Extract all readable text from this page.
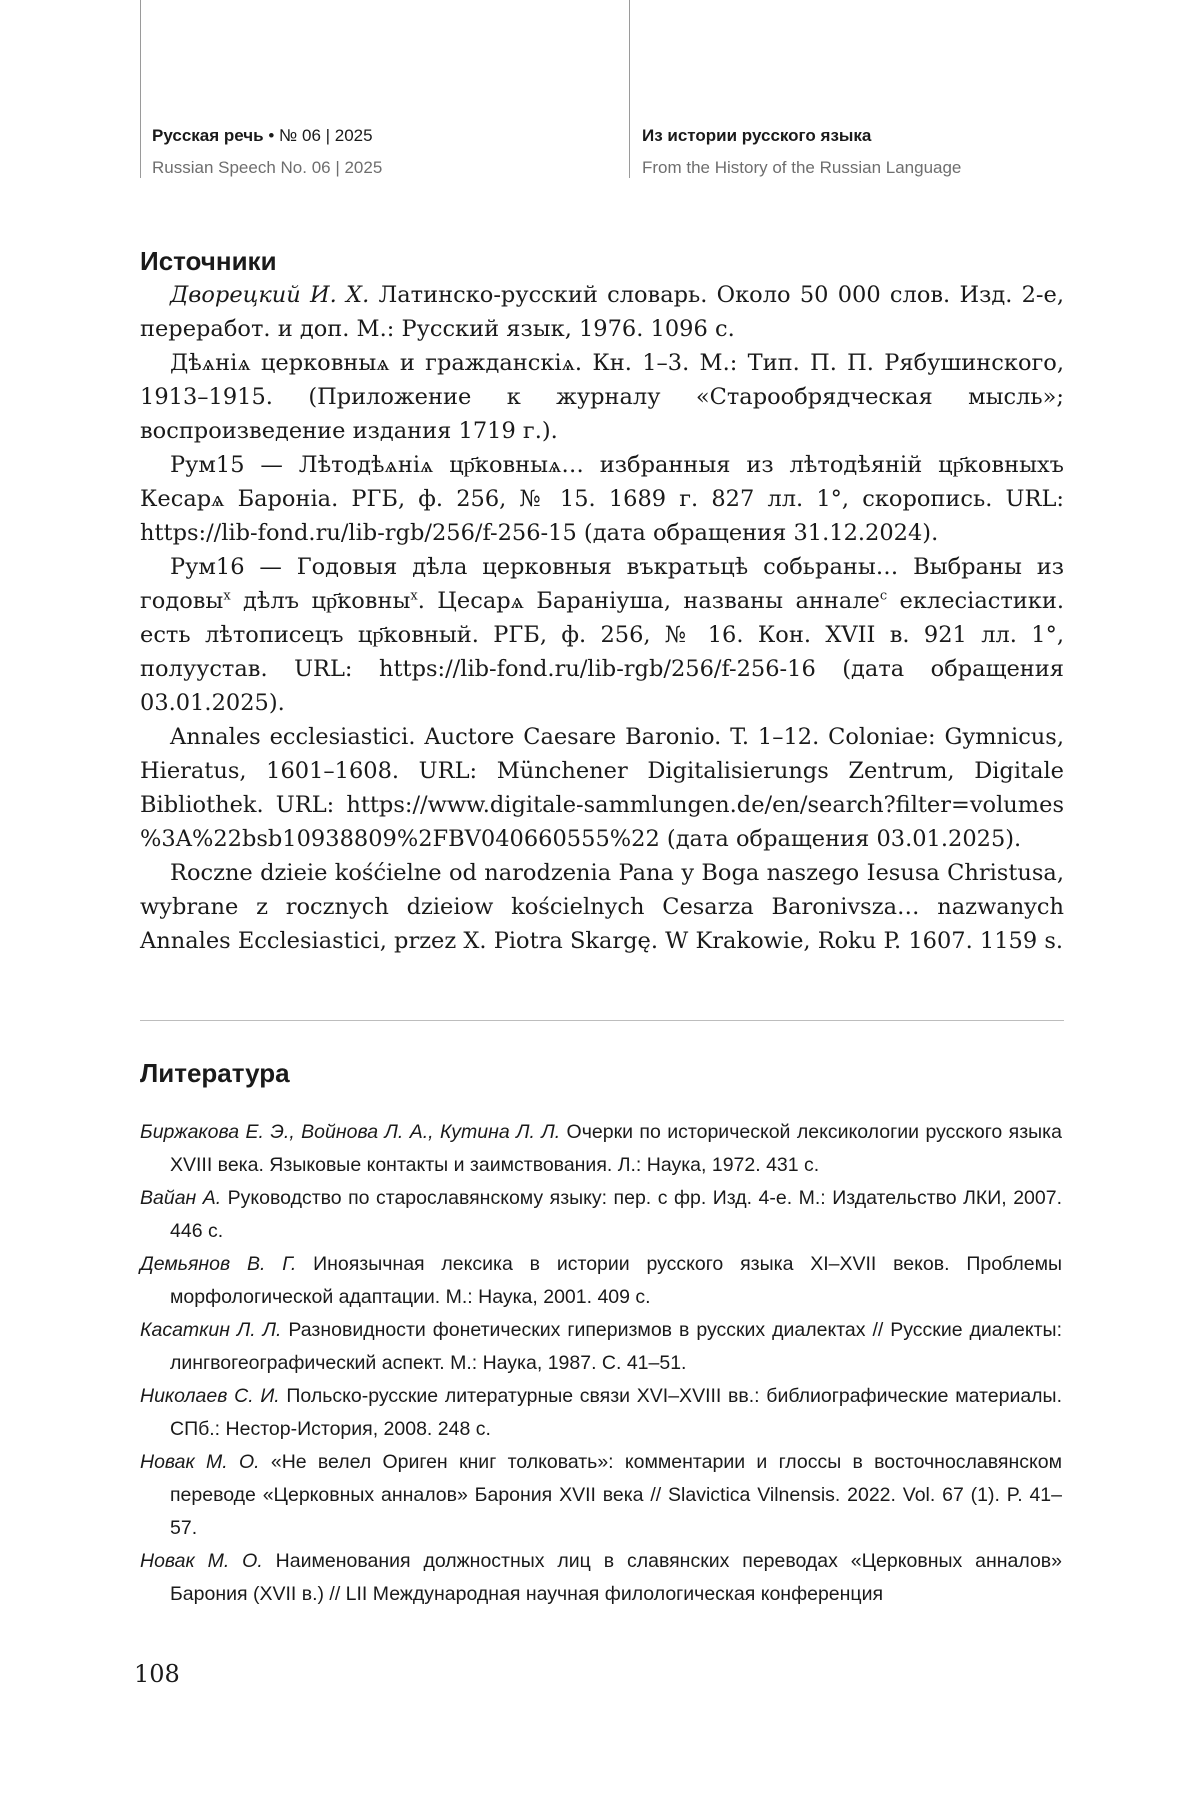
Русская речь • № 06 | 2025
Russian Speech No. 06 | 2025
Из истории русского языка
From the History of the Russian Language
Источники

Дворецкий И. Х. Латинско-русский словарь. Около 50 000 слов. Изд. 2-е, переработ. и доп. М.: Русский язык, 1976. 1096 с.

Дѣѧнiѧ церковныѧ и гражданскiѧ. Кн. 1–3. М.: Тип. П. П. Рябушинского, 1913–1915. (Приложение к журналу «Старообрядческая мысль»; воспроизведение издания 1719 г.).

Рум15 — Лѣтодѣѧнiѧ цр҃ковныѧ… избранныя из лѣтодѣянiй цр҃ковныхъ Кесарѧ Бароніа. РГБ, ф. 256, № 15. 1689 г. 827 лл. 1°, скоропись. URL: https://lib-fond.ru/lib-rgb/256/f-256-15 (дата обращения 31.12.2024).

Рум16 — Годовыя дѣла церковныя въкратьцѣ собьраны… Выбраны из годовы$^х$ дѣлъ цр҃ковны$^х$. Цесарѧ Бараніуша, названы аннале$^с$ еклесіастики. есть лѣтописецъ цр҃ковный. РГБ, ф. 256, № 16. Кон. XVII в. 921 лл. 1°, полуустав. URL: https://lib-fond.ru/lib-rgb/256/f-256-16 (дата обращения 03.01.2025).

Annales ecclesiastici. Auctore Caesare Baronio. T. 1–12. Coloniae: Gymnicus, Hieratus, 1601–1608. URL: Münchener Digitalisierungs Zentrum, Digitale Bibliothek. URL: https://www.digitale-sammlungen.de/en/search?filter=volumes %3A%22bsb10938809%2FBV040660555%22 (дата обращения 03.01.2025).

Roczne dzieie kośćielne od narodzenia Pana y Boga naszego Iesusa Christusa, wybrane z rocznych dzieiow kościelnych Cesarza Baronivsza… nazwanych Annales Ecclesiastici, przez X. Piotra Skargę. W Krakowie, Roku P. 1607. 1159 s.

Литература

Биржакова Е. Э., Войнова Л. А., Кутина Л. Л. Очерки по исторической лексикологии русского языка XVIII века. Языковые контакты и заимствования. Л.: Наука, 1972. 431 с.

Вайан А. Руководство по старославянскому языку: пер. с фр. Изд. 4-е. М.: Издательство ЛКИ, 2007. 446 с.

Демьянов В. Г. Иноязычная лексика в истории русского языка XI–XVII веков. Проблемы морфологической адаптации. М.: Наука, 2001. 409 с.

Касаткин Л. Л. Разновидности фонетических гиперизмов в русских диалектах // Русские диалекты: лингвогеографический аспект. М.: Наука, 1987. С. 41–51.

Николаев С. И. Польско-русские литературные связи XVI–XVIII вв.: библиографические материалы. СПб.: Нестор-История, 2008. 248 с.

Новак М. О. «Не велел Ориген книг толковать»: комментарии и глоссы в восточнославянском переводе «Церковных анналов» Барония XVII века // Slavictica Vilnensis. 2022. Vol. 67 (1). P. 41–57.

Новак М. О. Наименования должностных лиц в славянских переводах «Церковных анналов» Барония (XVII в.) // LII Международная научная филологическая конференция

108
